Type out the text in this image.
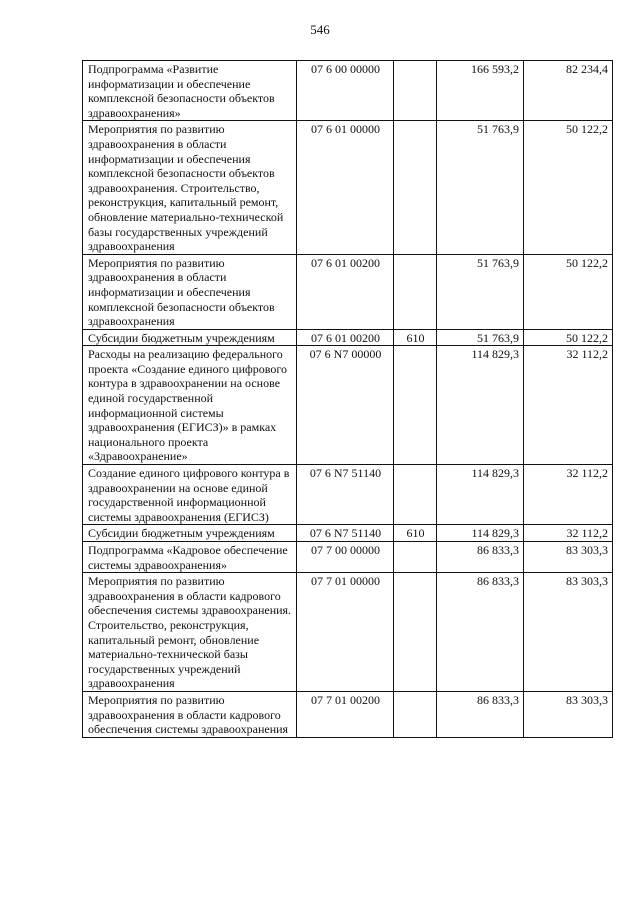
546
Подпрограмма «Развитие информатизации и обеспечение комплексной безопасности объектов здравоохранения»	07 6 00 00000		166 593,2	82 234,4
Мероприятия по развитию здравоохранения в области информатизации и обеспечения комплексной безопасности объектов здравоохранения. Строительство, реконструкция, капитальный ремонт, обновление материально-технической базы государственных учреждений здравоохранения	07 6 01 00000		51 763,9	50 122,2
Мероприятия по развитию здравоохранения в области информатизации и обеспечения комплексной безопасности объектов здравоохранения	07 6 01 00200		51 763,9	50 122,2
Субсидии бюджетным учреждениям	07 6 01 00200	610	51 763,9	50 122,2
Расходы на реализацию федерального проекта «Создание единого цифрового контура в здравоохранении на основе единой государственной информационной системы здравоохранения (ЕГИСЗ)» в рамках национального проекта «Здравоохранение»	07 6 N7 00000		114 829,3	32 112,2
Создание единого цифрового контура в здравоохранении на основе единой государственной информационной системы здравоохранения (ЕГИСЗ)	07 6 N7 51140		114 829,3	32 112,2
Субсидии бюджетным учреждениям	07 6 N7 51140	610	114 829,3	32 112,2
Подпрограмма «Кадровое обеспечение системы здравоохранения»	07 7 00 00000		86 833,3	83 303,3
Мероприятия по развитию здравоохранения в области кадрового обеспечения системы здравоохранения. Строительство, реконструкция, капитальный ремонт, обновление материально-технической базы государственных учреждений здравоохранения	07 7 01 00000		86 833,3	83 303,3
Мероприятия по развитию здравоохранения в области кадрового обеспечения системы здравоохранения	07 7 01 00200		86 833,3	83 303,3
